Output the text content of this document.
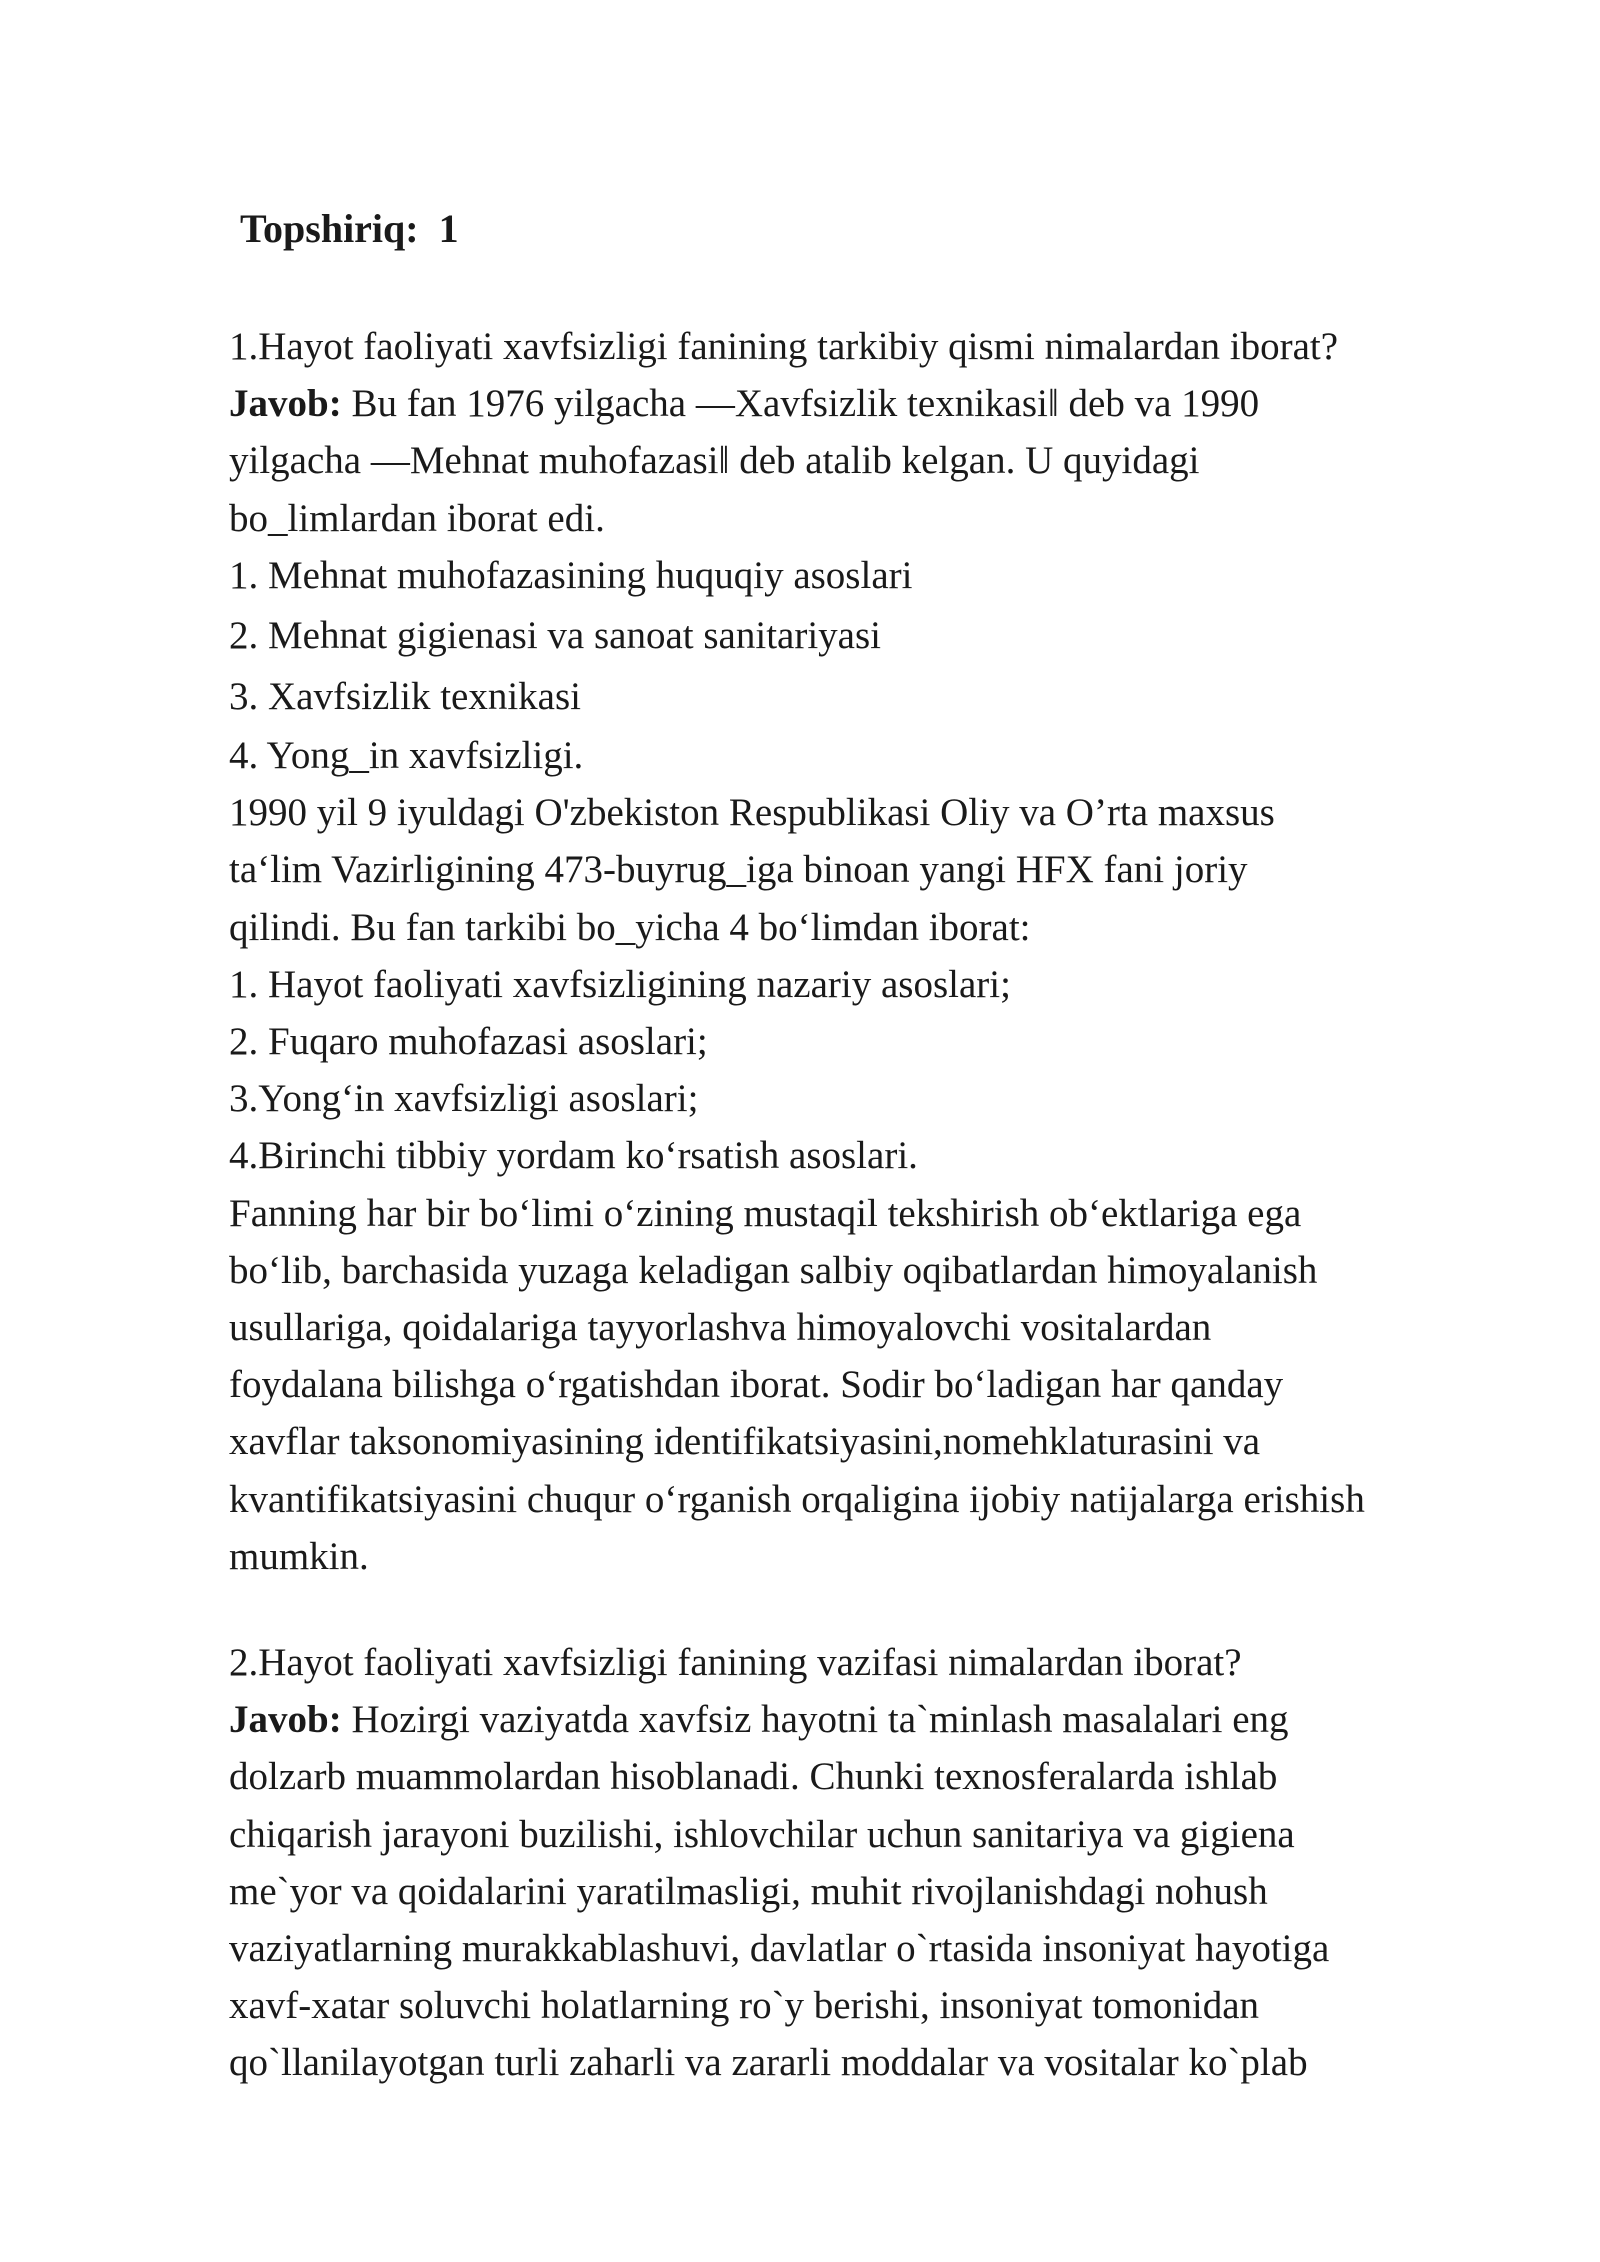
Topshiriq:  1
1.Hayot faoliyati xavfsizligi fanining tarkibiy qismi nimalardan iborat?
Javob: Bu fan 1976 yilgacha —Xavfsizlik texnikasi‖ deb va 1990
yilgacha —Mehnat muhofazasi‖ deb atalib kelgan. U quyidagi
bo_limlardan iborat edi.
1. Mehnat muhofazasining huquqiy asoslari
2. Mehnat gigienasi va sanoat sanitariyasi
3. Xavfsizlik texnikasi
4. Yong_in xavfsizligi.
1990 yil 9 iyuldagi O'zbekiston Respublikasi Oliy va O’rta maxsus
ta‘lim Vazirligining 473-buyrug_iga binoan yangi HFX fani joriy
qilindi. Bu fan tarkibi bo_yicha 4 bo‘limdan iborat:
1. Hayot faoliyati xavfsizligining nazariy asoslari;
2. Fuqaro muhofazasi asoslari;
3.Yong‘in xavfsizligi asoslari;
4.Birinchi tibbiy yordam ko‘rsatish asoslari.
Fanning har bir bo‘limi o‘zining mustaqil tekshirish ob‘ektlariga ega
bo‘lib, barchasida yuzaga keladigan salbiy oqibatlardan himoyalanish
usullariga, qoidalariga tayyorlashva himoyalovchi vositalardan
foydalana bilishga o‘rgatishdan iborat. Sodir bo‘ladigan har qanday
xavflar taksonomiyasining identifikatsiyasini,nomehklaturasini va
kvantifikatsiyasini chuqur o‘rganish orqaligina ijobiy natijalarga erishish
mumkin.
2.Hayot faoliyati xavfsizligi fanining vazifasi nimalardan iborat?
Javob: Hozirgi vaziyatda xavfsiz hayotni ta`minlash masalalari eng
dolzarb muammolardan hisoblanadi. Chunki texnosferalarda ishlab
chiqarish jarayoni buzilishi, ishlovchilar uchun sanitariya va gigiena
me`yor va qoidalarini yaratilmasligi, muhit rivojlanishdagi nohush
vaziyatlarning murakkablashuvi, davlatlar o`rtasida insoniyat hayotiga
xavf-xatar soluvchi holatlarning ro`y berishi, insoniyat tomonidan
qo`llanilayotgan turli zaharli va zararli moddalar va vositalar ko`plab
